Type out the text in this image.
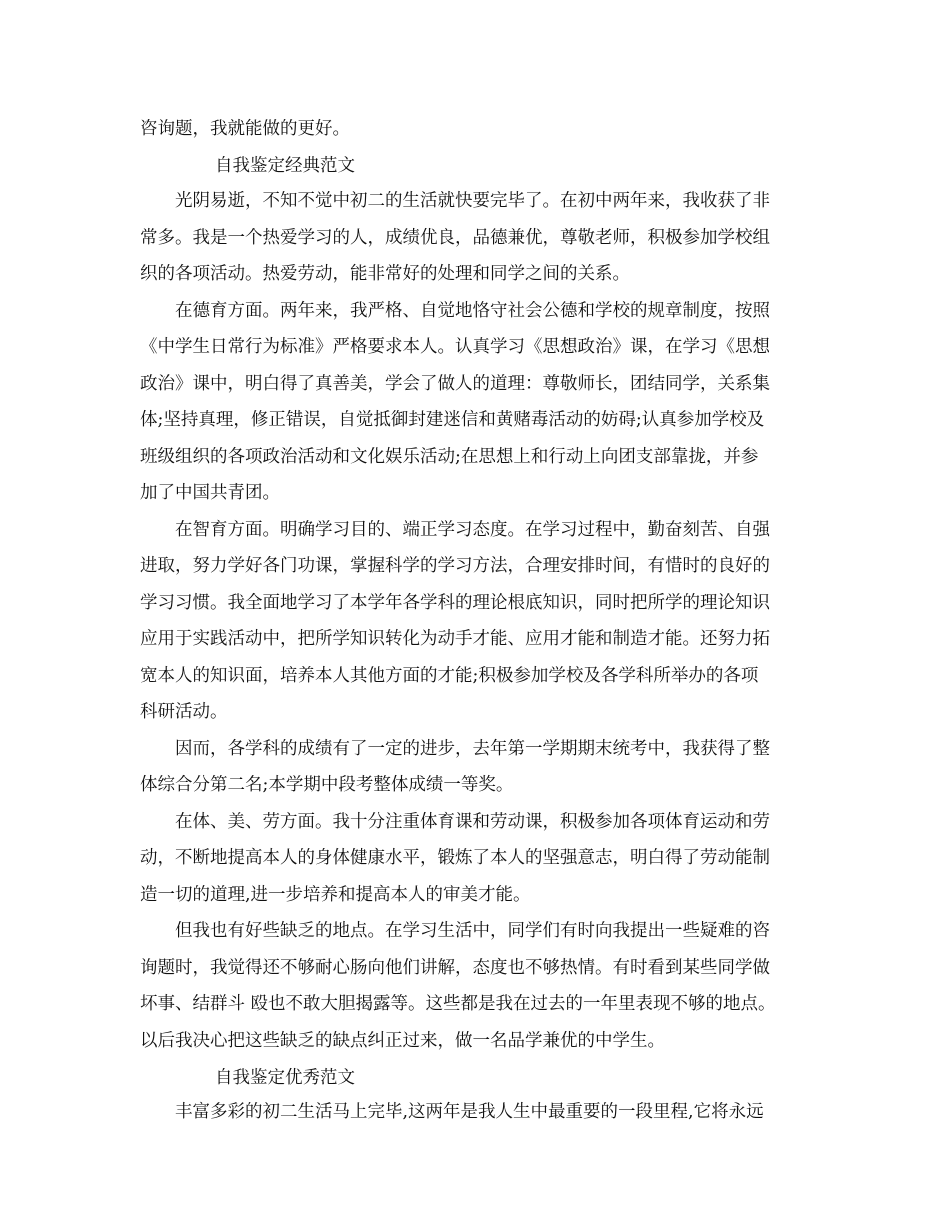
咨询题，我就能做的更好。
自我鉴定经典范文
光阴易逝，不知不觉中初二的生活就快要完毕了。在初中两年来，我收获了非
常多。我是一个热爱学习的人，成绩优良，品德兼优，尊敬老师，积极参加学校组
织的各项活动。热爱劳动，能非常好的处理和同学之间的关系。
在德育方面。两年来，我严格、自觉地恪守社会公德和学校的规章制度，按照
《中学生日常行为标准》严格要求本人。认真学习《思想政治》课，在学习《思想
政治》课中，明白得了真善美，学会了做人的道理：尊敬师长，团结同学，关系集
体;坚持真理，修正错误，自觉抵御封建迷信和黄赌毒活动的妨碍;认真参加学校及
班级组织的各项政治活动和文化娱乐活动;在思想上和行动上向团支部靠拢，并参
加了中国共青团。
在智育方面。明确学习目的、端正学习态度。在学习过程中，勤奋刻苦、自强
进取，努力学好各门功课，掌握科学的学习方法，合理安排时间，有惜时的良好的
学习习惯。我全面地学习了本学年各学科的理论根底知识，同时把所学的理论知识
应用于实践活动中，把所学知识转化为动手才能、应用才能和制造才能。还努力拓
宽本人的知识面，培养本人其他方面的才能;积极参加学校及各学科所举办的各项
科研活动。
因而，各学科的成绩有了一定的进步，去年第一学期期末统考中，我获得了整
体综合分第二名;本学期中段考整体成绩一等奖。
在体、美、劳方面。我十分注重体育课和劳动课，积极参加各项体育运动和劳
动，不断地提高本人的身体健康水平，锻炼了本人的坚强意志，明白得了劳动能制
造一切的道理,进一步培养和提高本人的审美才能。
但我也有好些缺乏的地点。在学习生活中，同学们有时向我提出一些疑难的咨
询题时，我觉得还不够耐心肠向他们讲解，态度也不够热情。有时看到某些同学做
坏事、结群斗 殴也不敢大胆揭露等。这些都是我在过去的一年里表现不够的地点。
以后我决心把这些缺乏的缺点纠正过来，做一名品学兼优的中学生。
自我鉴定优秀范文
丰富多彩的初二生活马上完毕,这两年是我人生中最重要的一段里程,它将永远
